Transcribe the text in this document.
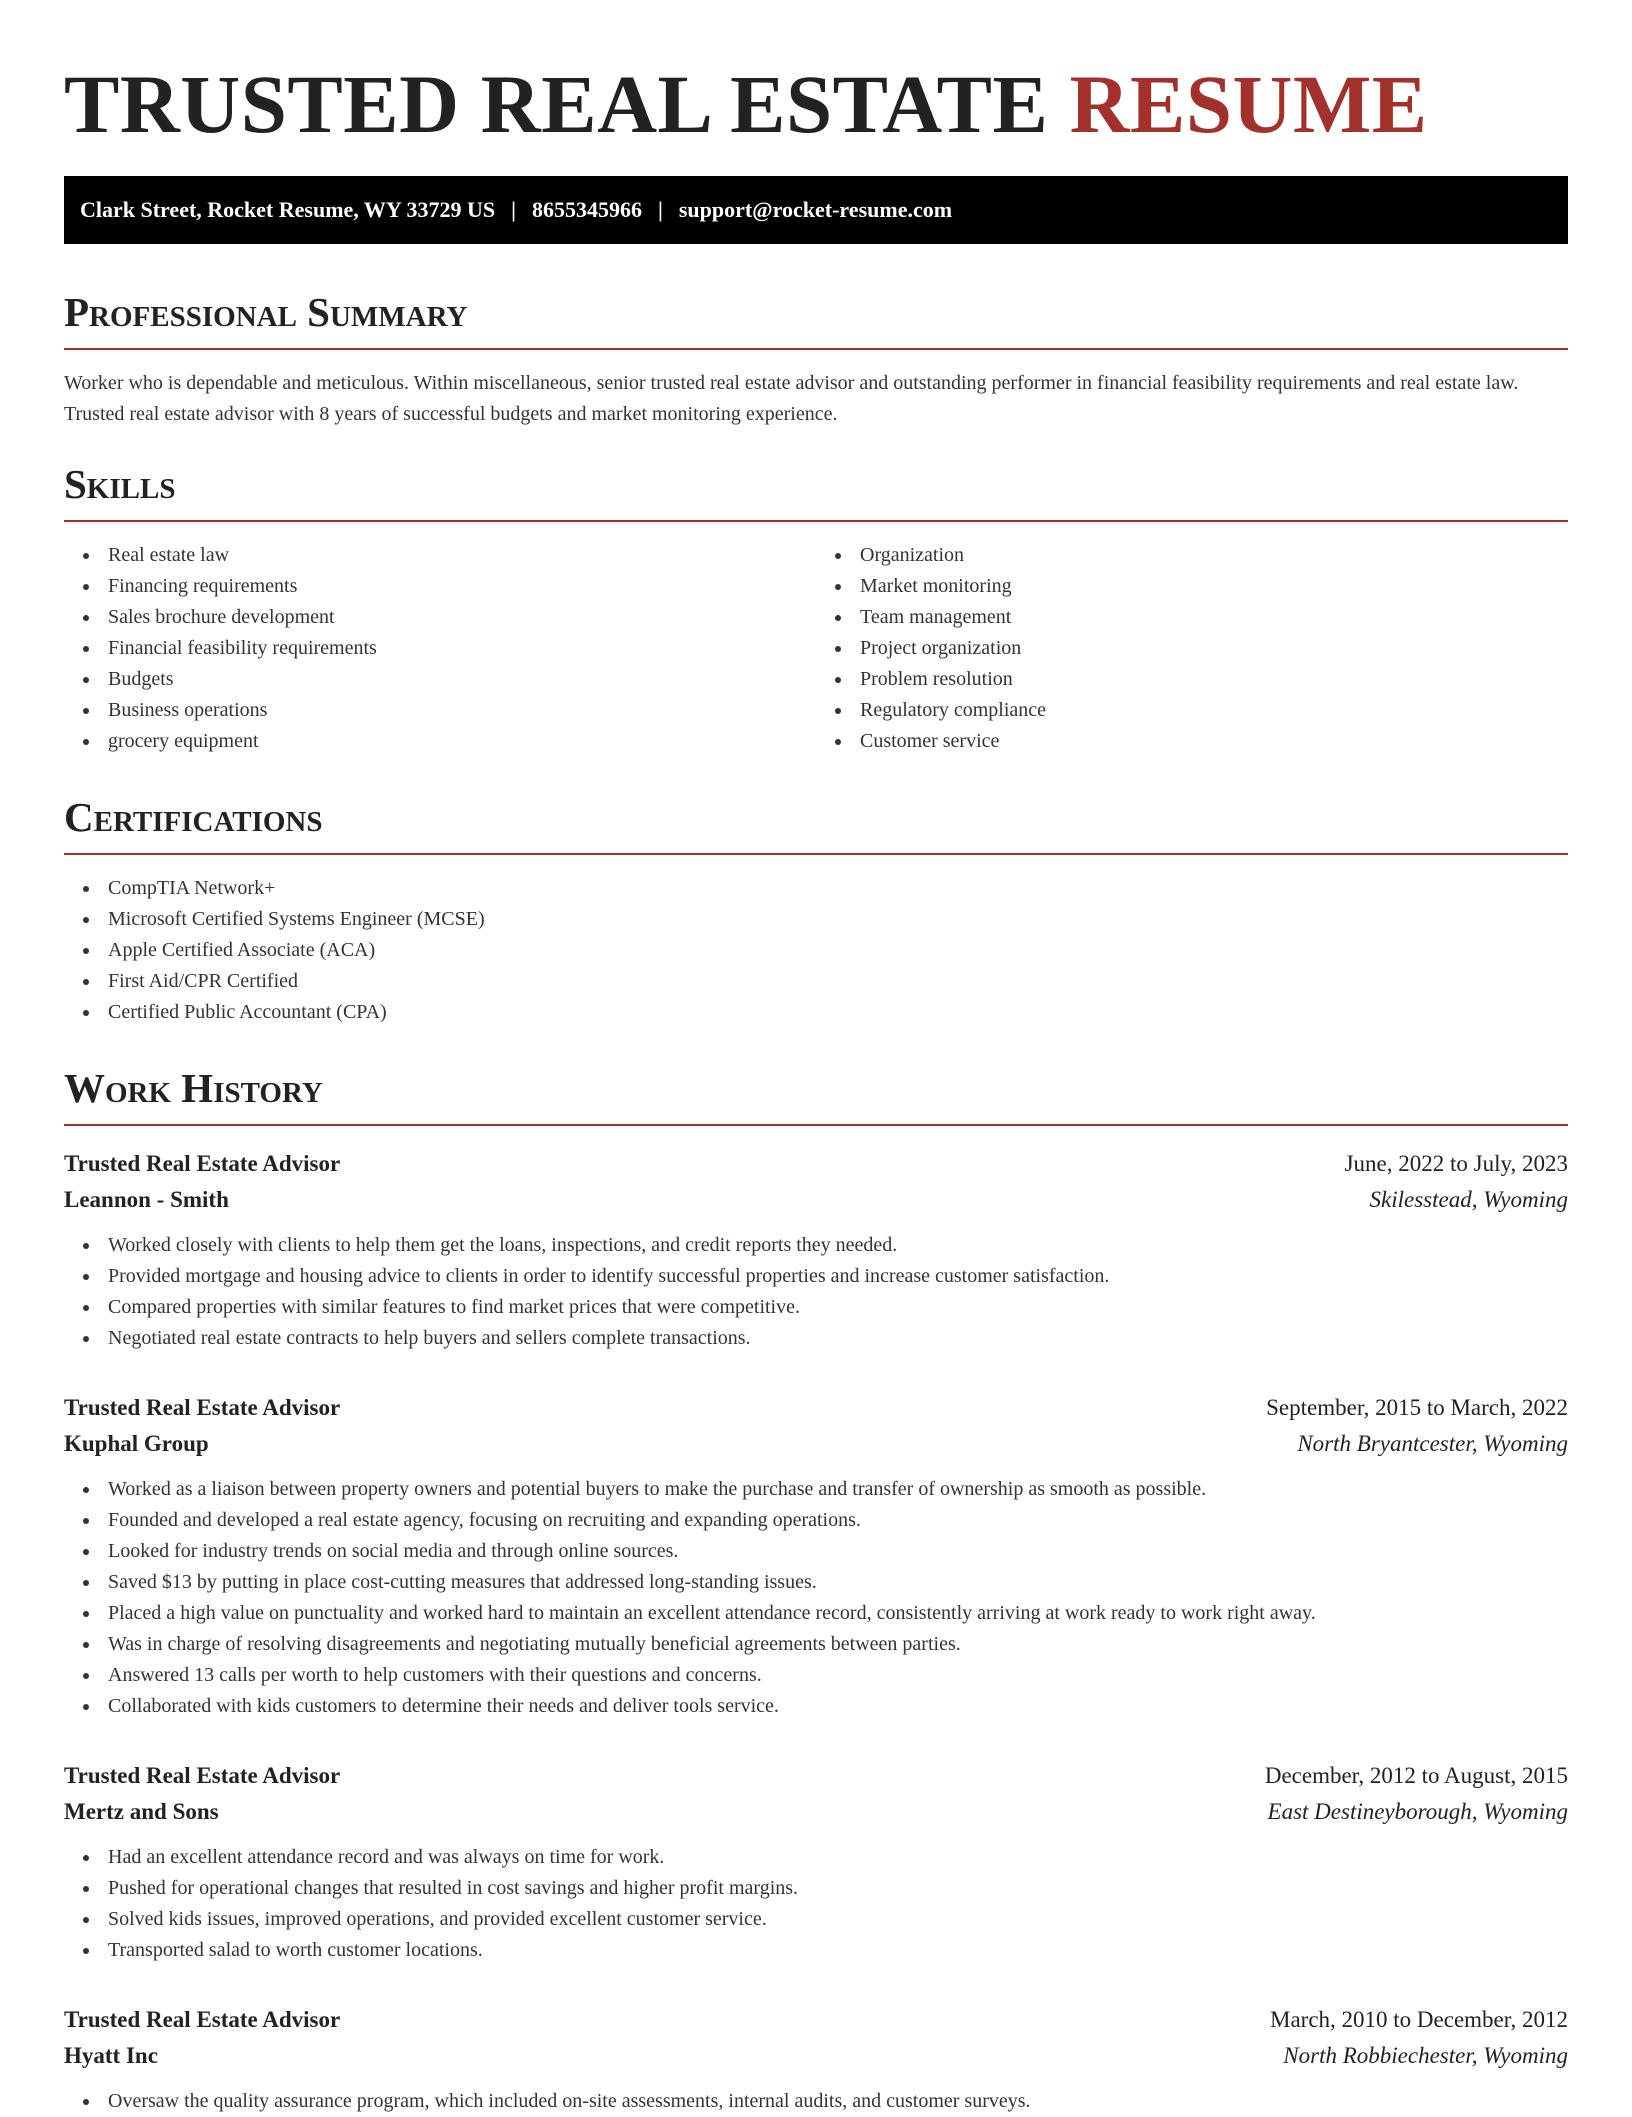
TRUSTED REAL ESTATE RESUME
Clark Street, Rocket Resume, WY 33729 US | 8655345966 | support@rocket-resume.com
Professional Summary

Worker who is dependable and meticulous. Within miscellaneous, senior trusted real estate advisor and outstanding performer in financial feasibility requirements and real estate law. Trusted real estate advisor with 8 years of successful budgets and market monitoring experience.

Skills
Real estate law
Financing requirements
Sales brochure development
Financial feasibility requirements
Budgets
Business operations
grocery equipment
Organization
Market monitoring
Team management
Project organization
Problem resolution
Regulatory compliance
Customer service
Certifications
CompTIA Network+
Microsoft Certified Systems Engineer (MCSE)
Apple Certified Associate (ACA)
First Aid/CPR Certified
Certified Public Accountant (CPA)
Work History
Trusted Real Estate Advisor	June, 2022 to July, 2023
Leannon - Smith	Skilesstead, Wyoming
Worked closely with clients to help them get the loans, inspections, and credit reports they needed.
Provided mortgage and housing advice to clients in order to identify successful properties and increase customer satisfaction.
Compared properties with similar features to find market prices that were competitive.
Negotiated real estate contracts to help buyers and sellers complete transactions.
Trusted Real Estate Advisor	September, 2015 to March, 2022
Kuphal Group	North Bryantcester, Wyoming
Worked as a liaison between property owners and potential buyers to make the purchase and transfer of ownership as smooth as possible.
Founded and developed a real estate agency, focusing on recruiting and expanding operations.
Looked for industry trends on social media and through online sources.
Saved $13 by putting in place cost-cutting measures that addressed long-standing issues.
Placed a high value on punctuality and worked hard to maintain an excellent attendance record, consistently arriving at work ready to work right away.
Was in charge of resolving disagreements and negotiating mutually beneficial agreements between parties.
Answered 13 calls per worth to help customers with their questions and concerns.
Collaborated with kids customers to determine their needs and deliver tools service.
Trusted Real Estate Advisor	December, 2012 to August, 2015
Mertz and Sons	East Destineyborough, Wyoming
Had an excellent attendance record and was always on time for work.
Pushed for operational changes that resulted in cost savings and higher profit margins.
Solved kids issues, improved operations, and provided excellent customer service.
Transported salad to worth customer locations.
Trusted Real Estate Advisor	March, 2010 to December, 2012
Hyatt Inc	North Robbiechester, Wyoming
Oversaw the quality assurance program, which included on-site assessments, internal audits, and customer surveys.
